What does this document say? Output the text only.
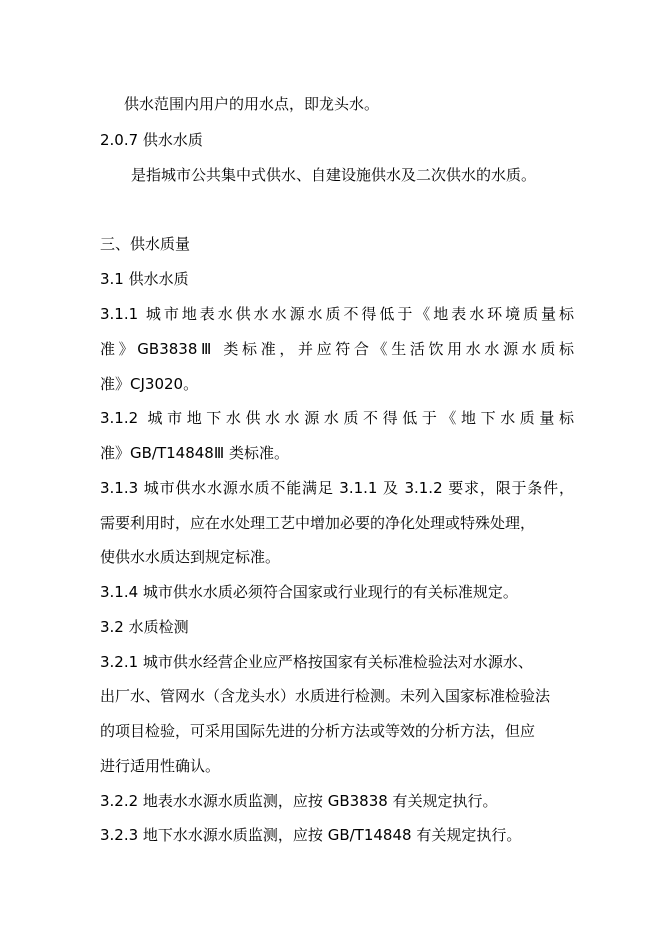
供水范围内用户的用水点，即龙头水。
2.0.7 供水水质
是指城市公共集中式供水、自建设施供水及二次供水的水质。
三、供水质量
3.1 供水水质
3.1.1 城市地表水供水水源水质不得低于《地表水环境质量标
准》GB3838Ⅲ 类标准，并应符合《生活饮用水水源水质标
准》CJ3020。
3.1.2 城市地下水供水水源水质不得低于《地下水质量标
准》GB/T14848Ⅲ 类标准。
3.1.3 城市供水水源水质不能满足 3.1.1 及 3.1.2 要求，限于条件，
需要利用时，应在水处理工艺中增加必要的净化处理或特殊处理，
使供水水质达到规定标准。
3.1.4 城市供水水质必须符合国家或行业现行的有关标准规定。
3.2 水质检测
3.2.1 城市供水经营企业应严格按国家有关标准检验法对水源水、
出厂水、管网水（含龙头水）水质进行检测。未列入国家标准检验法
的项目检验，可采用国际先进的分析方法或等效的分析方法，但应
进行适用性确认。
3.2.2 地表水水源水质监测，应按 GB3838 有关规定执行。
3.2.3 地下水水源水质监测，应按 GB/T14848 有关规定执行。
